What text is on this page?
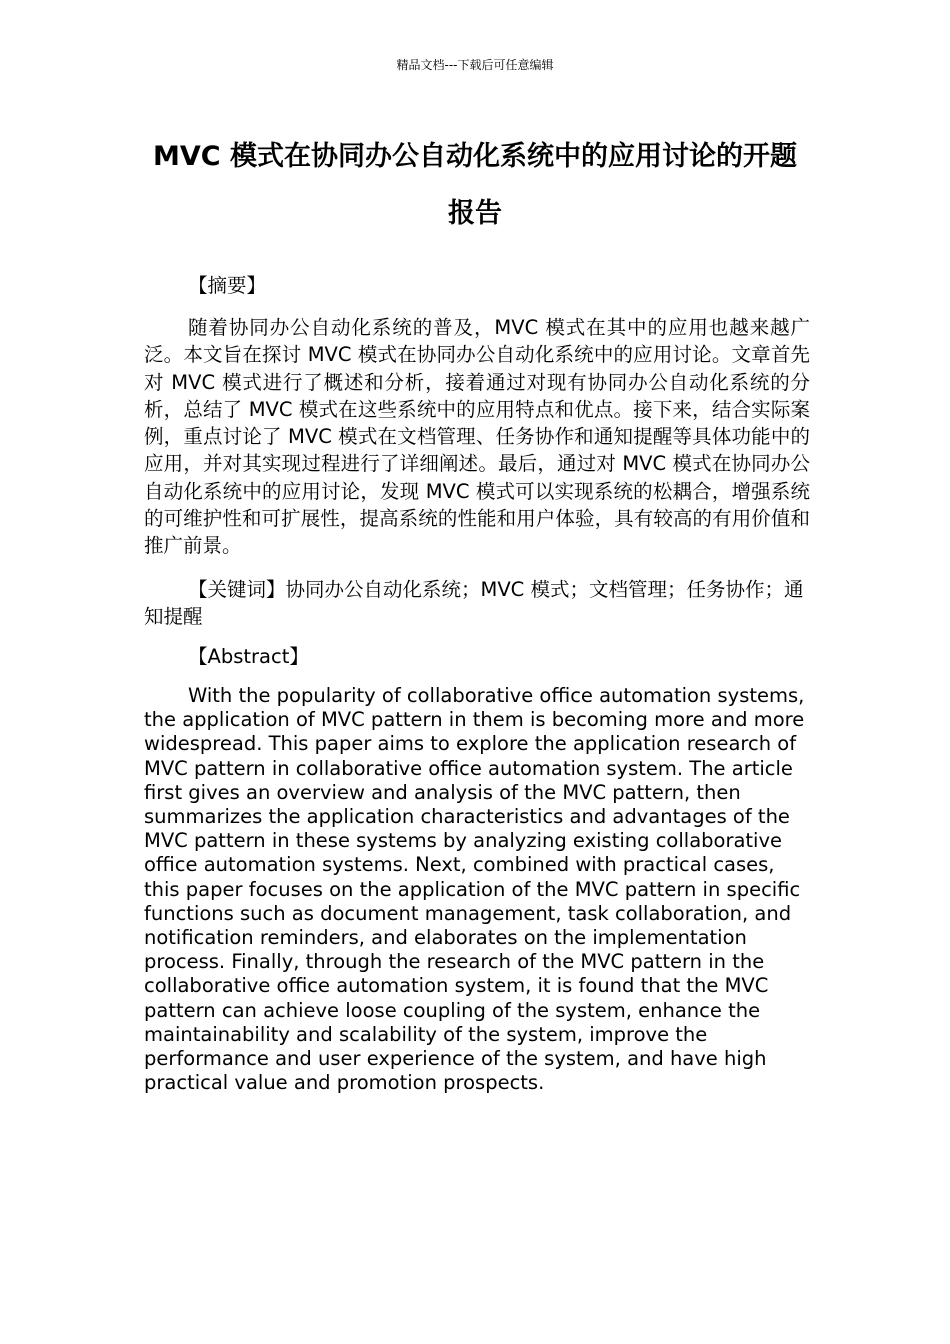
精品文档---下载后可任意编辑
MVC 模式在协同办公自动化系统中的应用讨论的开题报告
【摘要】
随着协同办公自动化系统的普及，MVC 模式在其中的应用也越来越广泛。本文旨在探讨 MVC 模式在协同办公自动化系统中的应用讨论。文章首先对 MVC 模式进行了概述和分析，接着通过对现有协同办公自动化系统的分析，总结了 MVC 模式在这些系统中的应用特点和优点。接下来，结合实际案例，重点讨论了 MVC 模式在文档管理、任务协作和通知提醒等具体功能中的应用，并对其实现过程进行了详细阐述。最后，通过对 MVC 模式在协同办公自动化系统中的应用讨论，发现 MVC 模式可以实现系统的松耦合，增强系统的可维护性和可扩展性，提高系统的性能和用户体验，具有较高的有用价值和推广前景。
【关键词】协同办公自动化系统；MVC 模式；文档管理；任务协作；通知提醒
【Abstract】
With the popularity of collaborative office automation systems, the application of MVC pattern in them is becoming more and more widespread. This paper aims to explore the application research of MVC pattern in collaborative office automation system. The article first gives an overview and analysis of the MVC pattern, then summarizes the application characteristics and advantages of the MVC pattern in these systems by analyzing existing collaborative office automation systems. Next, combined with practical cases, this paper focuses on the application of the MVC pattern in specific functions such as document management, task collaboration, and notification reminders, and elaborates on the implementation process. Finally, through the research of the MVC pattern in the collaborative office automation system, it is found that the MVC pattern can achieve loose coupling of the system, enhance the maintainability and scalability of the system, improve the performance and user experience of the system, and have high practical value and promotion prospects.
